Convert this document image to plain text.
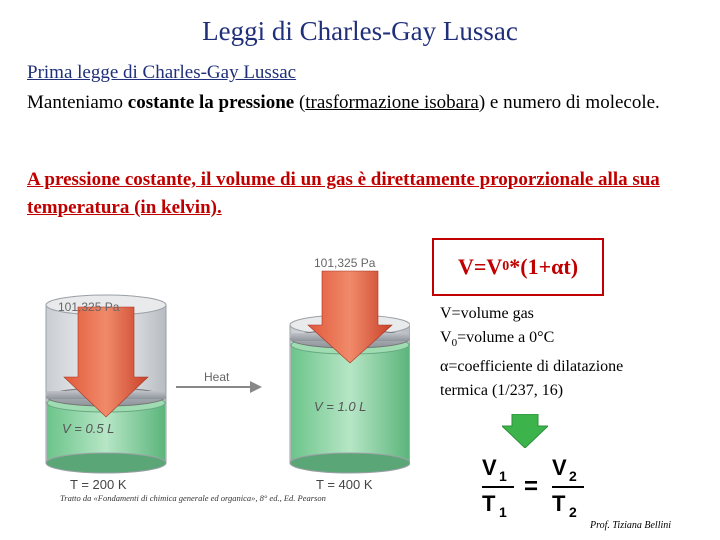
Leggi di Charles-Gay Lussac
Prima legge di Charles-Gay Lussac
Manteniamo costante la pressione (trasformazione isobara) e numero di molecole.
A pressione costante, il volume di un gas è direttamente proporzionale alla sua temperatura (in kelvin).
101,325 Pa
101,325 Pa
Heat
V = 0.5 L
V = 1.0 L
T = 200 K	T = 400 K
Tratto da «Fondamenti di chimica generale ed organica», 8° ed., Ed. Pearson
V=V 0 *(1+αt)
V=volume gas
$V_0=volume$ a 0°C
α=coefficiente di dilatazione
termica (1/237, 16)
V 1
T 1
=
V 2
T 2
Prof. Tiziana Bellini
